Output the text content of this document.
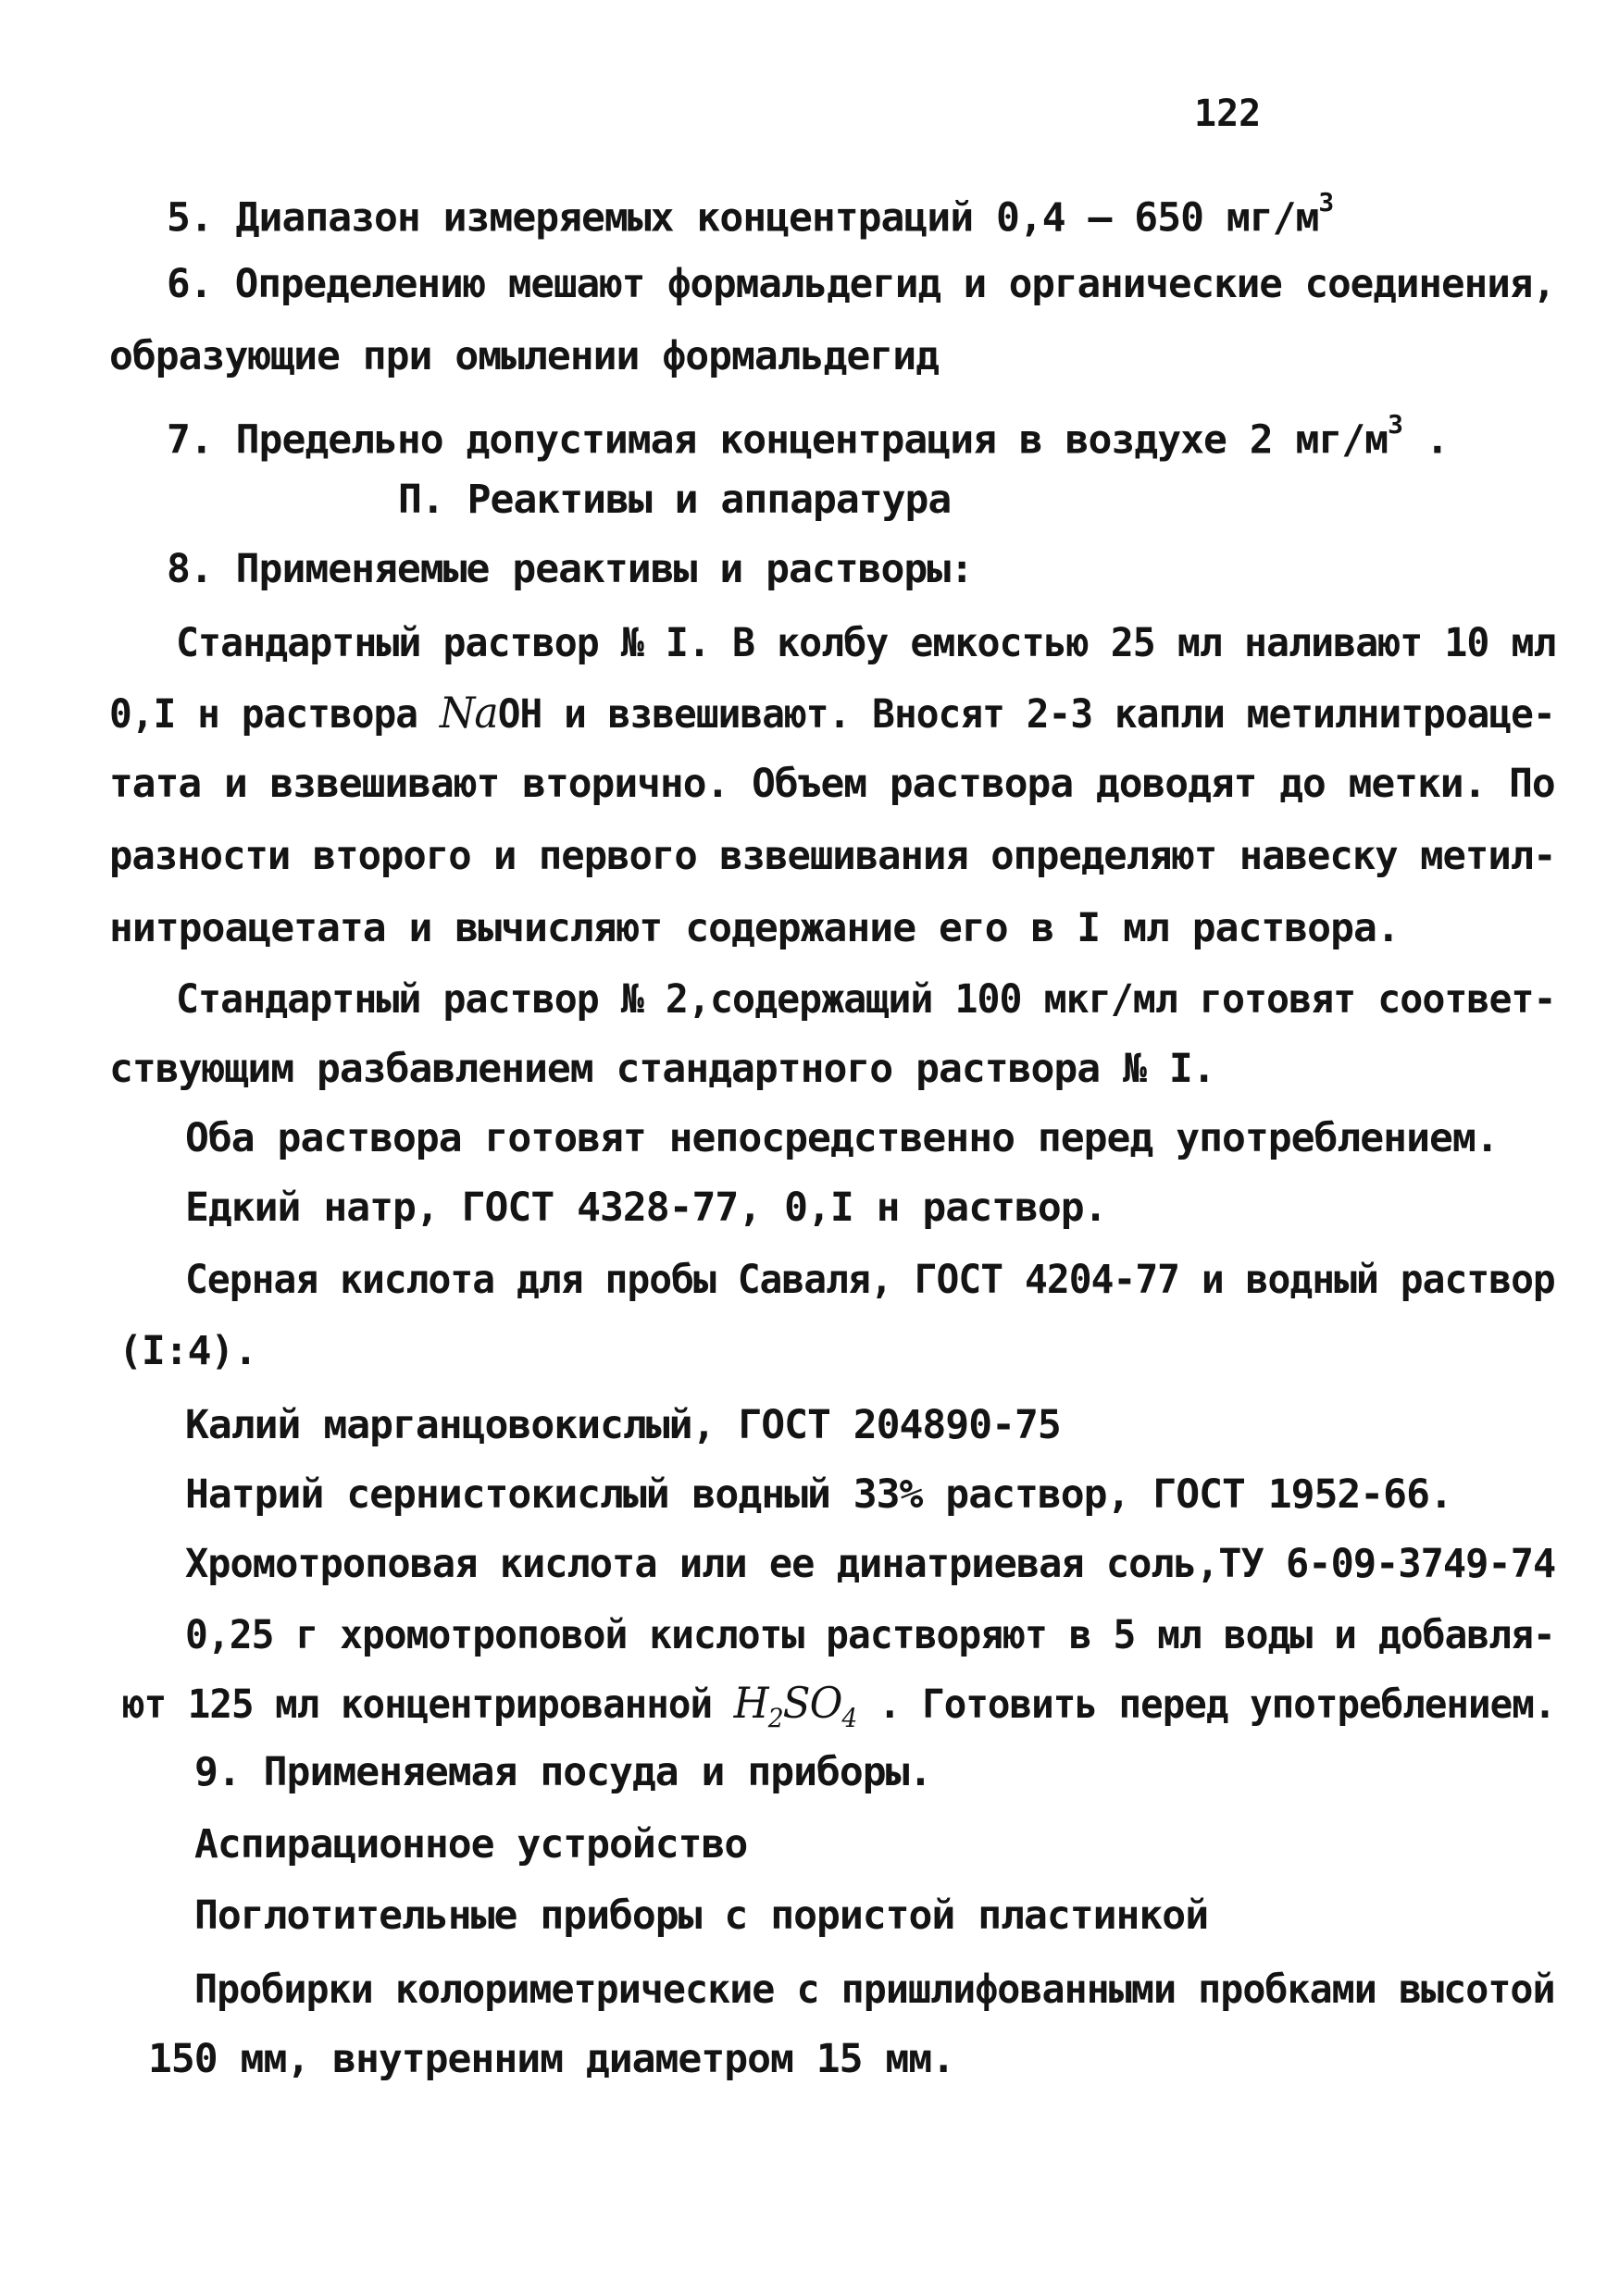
122
5. Диапазон измеряемых концентраций 0,4 – 650 $мг/м^3$
6. Определению мешают формальдегид и органические соединения,
образующие при омылении формальдегид
7. Предельно допустимая концентрация в воздухе 2 $мг/м^3$ .
П. Реактивы и аппаратура
8. Применяемые реактивы и растворы:
Стандартный раствор № I. В колбу емкостью 25 мл наливают 10 мл
0,I н раствора NaOH и взвешивают. Вносят 2-3 капли метилнитроаце-
тата и взвешивают вторично. Объем раствора доводят до метки. По
разности второго и первого взвешивания определяют навеску метил-
нитроацетата и вычисляют содержание его в I мл раствора.
Стандартный раствор № 2,содержащий 100 мкг/мл готовят соответ-
ствующим разбавлением стандартного раствора № I.
Оба раствора готовят непосредственно перед употреблением.
Едкий натр, ГОСТ 4328-77, 0,I н раствор.
Серная кислота для пробы Саваля, ГОСТ 4204-77 и водный раствор
(I:4).
Калий марганцовокислый, ГОСТ 204890-75
Натрий сернистокислый водный 33% раствор, ГОСТ 1952-66.
Хромотроповая кислота или ее динатриевая соль,ТУ 6-09-3749-74
0,25 г хромотроповой кислоты растворяют в 5 мл воды и добавля-
ют 125 мл концентрированной $H_2SO_4$ . Готовить перед употреблением.
9. Применяемая посуда и приборы.
Аспирационное устройство
Поглотительные приборы с пористой пластинкой
Пробирки колориметрические с пришлифованными пробками высотой
150 мм, внутренним диаметром 15 мм.
